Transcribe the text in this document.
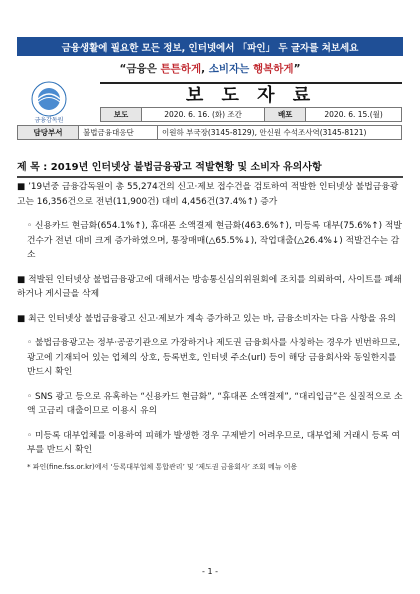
금융생활에 필요한 모든 정보, 인터넷에서 「파인」 두 글자를 쳐보세요
“금융은 튼튼하게, 소비자는 행복하게”
금융감독원
보 도 자 료
보도	2020. 6. 16. (화) 조간	배포	2020. 6. 15.(월)
담당부서	불법금융대응단	이원하 부국장(3145-8129), 안신원 수석조사역(3145-8121)
제 목 : 2019년 인터넷상 불법금융광고 적발현황 및 소비자 유의사항
■ ’19년중 금융감독원이 총 55,274건의 신고·제보 접수건을 검토하여 적발한 인터넷상 불법금융광고는 16,356건으로 전년(11,900건) 대비 4,456건(37.4%↑) 증가
◦ 신용카드 현금화(654.1%↑), 휴대폰 소액결제 현금화(463.6%↑), 미등록 대부(75.6%↑) 적발건수가 전년 대비 크게 증가하였으며, 통장매매(△65.5%↓), 작업대출(△26.4%↓) 적발건수는 감소
■ 적발된 인터넷상 불법금융광고에 대해서는 방송통신심의위원회에 조치를 의뢰하여, 사이트를 폐쇄하거나 게시글을 삭제
■ 최근 인터넷상 불법금융광고 신고·제보가 계속 증가하고 있는 바, 금융소비자는 다음 사항을 유의
◦ 불법금융광고는 정부·공공기관으로 가장하거나 제도권 금융회사를 사칭하는 경우가 빈번하므로, 광고에 기재되어 있는 업체의 상호, 등록번호, 인터넷 주소(url) 등이 해당 금융회사와 동일한지를 반드시 확인
◦ SNS 광고 등으로 유혹하는 “신용카드 현금화”, “휴대폰 소액결제”, “대리입금”은 실질적으로 소액 고금리 대출이므로 이용시 유의
◦ 미등록 대부업체를 이용하여 피해가 발생한 경우 구제받기 어려우므로, 대부업체 거래시 등록 여부를 반드시 확인
* 파인(fine.fss.or.kr)에서 ‘등록대부업체 통합관리’ 및 ‘제도권 금융회사’ 조회 메뉴 이용
- 1 -
